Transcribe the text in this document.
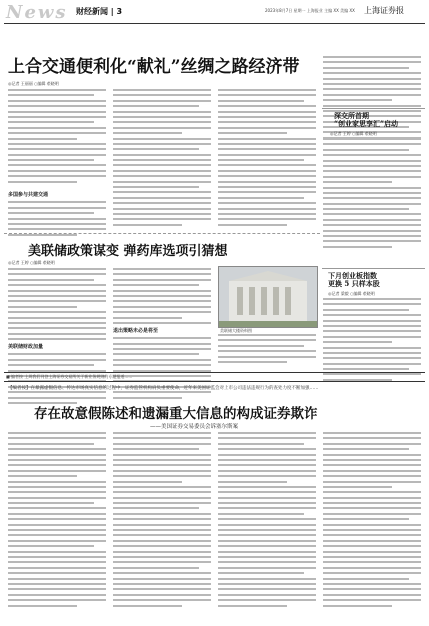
News 财经新闻 | 3	2023年8月7日 星期一 上海报业 主编 XX 美编 XX 上海证券报
上合交通便利化“献礼”丝绸之路经济带
◎记者 王丽丽 ○编辑 裘晓明
多国参与共建交通
深交所首期
“创业家思享汇”启动
◎记者 王婷 ○编辑 裘晓明
美联储政策谋变 弹药库选项引猜想
◎记者 王婷 ○编辑 裘晓明
美联储财政加量
退出策略未必是将至	美联储大楼资料图
下月创业板指数
更换 5 只样本股
◎记者 梁毅 ○编辑 裘晓明
■ 编者按 上周我们刊登上海证券交易所关于新业务规则的专题报道……
【编者按】在暴露虚假信息、传达市场真实信息的过程中，证券监管机构肩负重要使命，近年来美国证监会对上市公司违法违规行为的查处力度不断加强……
存在故意假陈述和遗漏重大信息的构成证券欺诈
——美国证券交易委员会诉塞尔斯案
